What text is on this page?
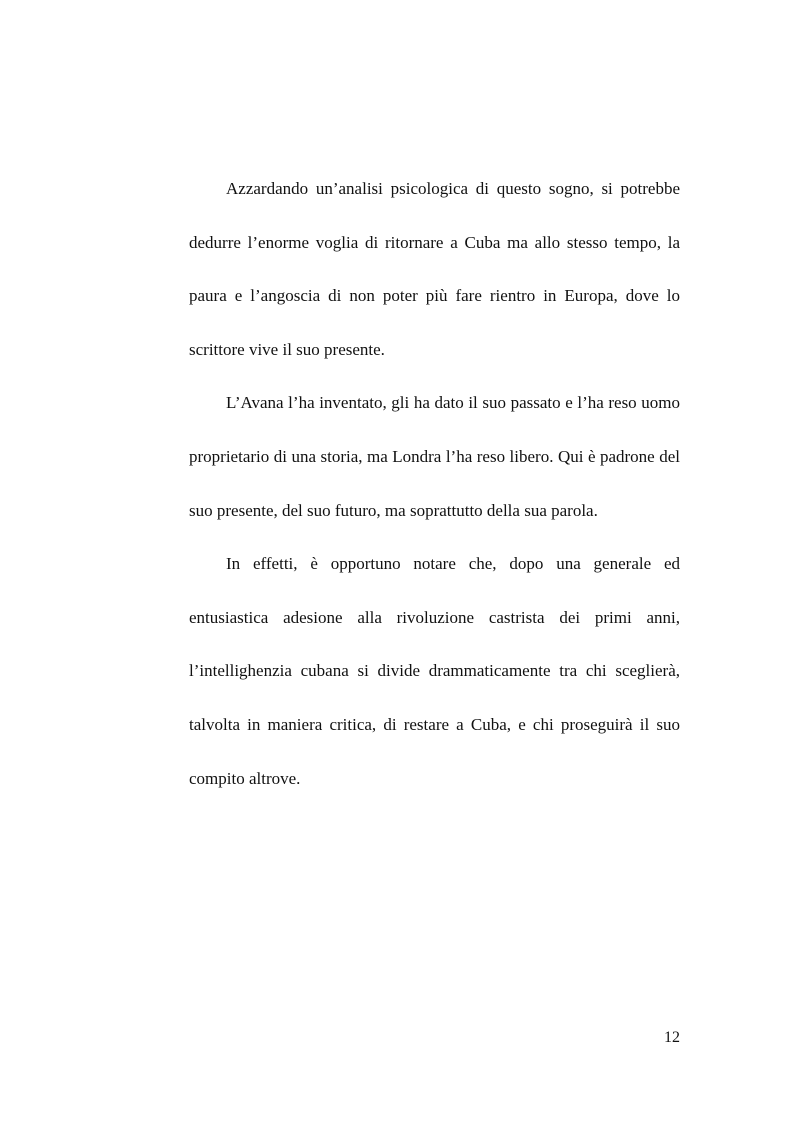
Azzardando un’analisi psicologica di questo sogno, si potrebbe dedurre l’enorme voglia di ritornare a Cuba ma allo stesso tempo, la paura e l’angoscia di non poter più fare rientro in Europa, dove lo scrittore vive il suo presente.

L’Avana l’ha inventato, gli ha dato il suo passato e l’ha reso uomo proprietario di una storia, ma Londra l’ha reso libero. Qui è padrone del suo presente, del suo futuro, ma soprattutto della sua parola.

In effetti, è opportuno notare che, dopo una generale ed entusiastica adesione alla rivoluzione castrista dei primi anni, l’intellighenzia cubana si divide drammaticamente tra chi sceglierà, talvolta in maniera critica, di restare a Cuba, e chi proseguirà il suo compito altrove.

12
